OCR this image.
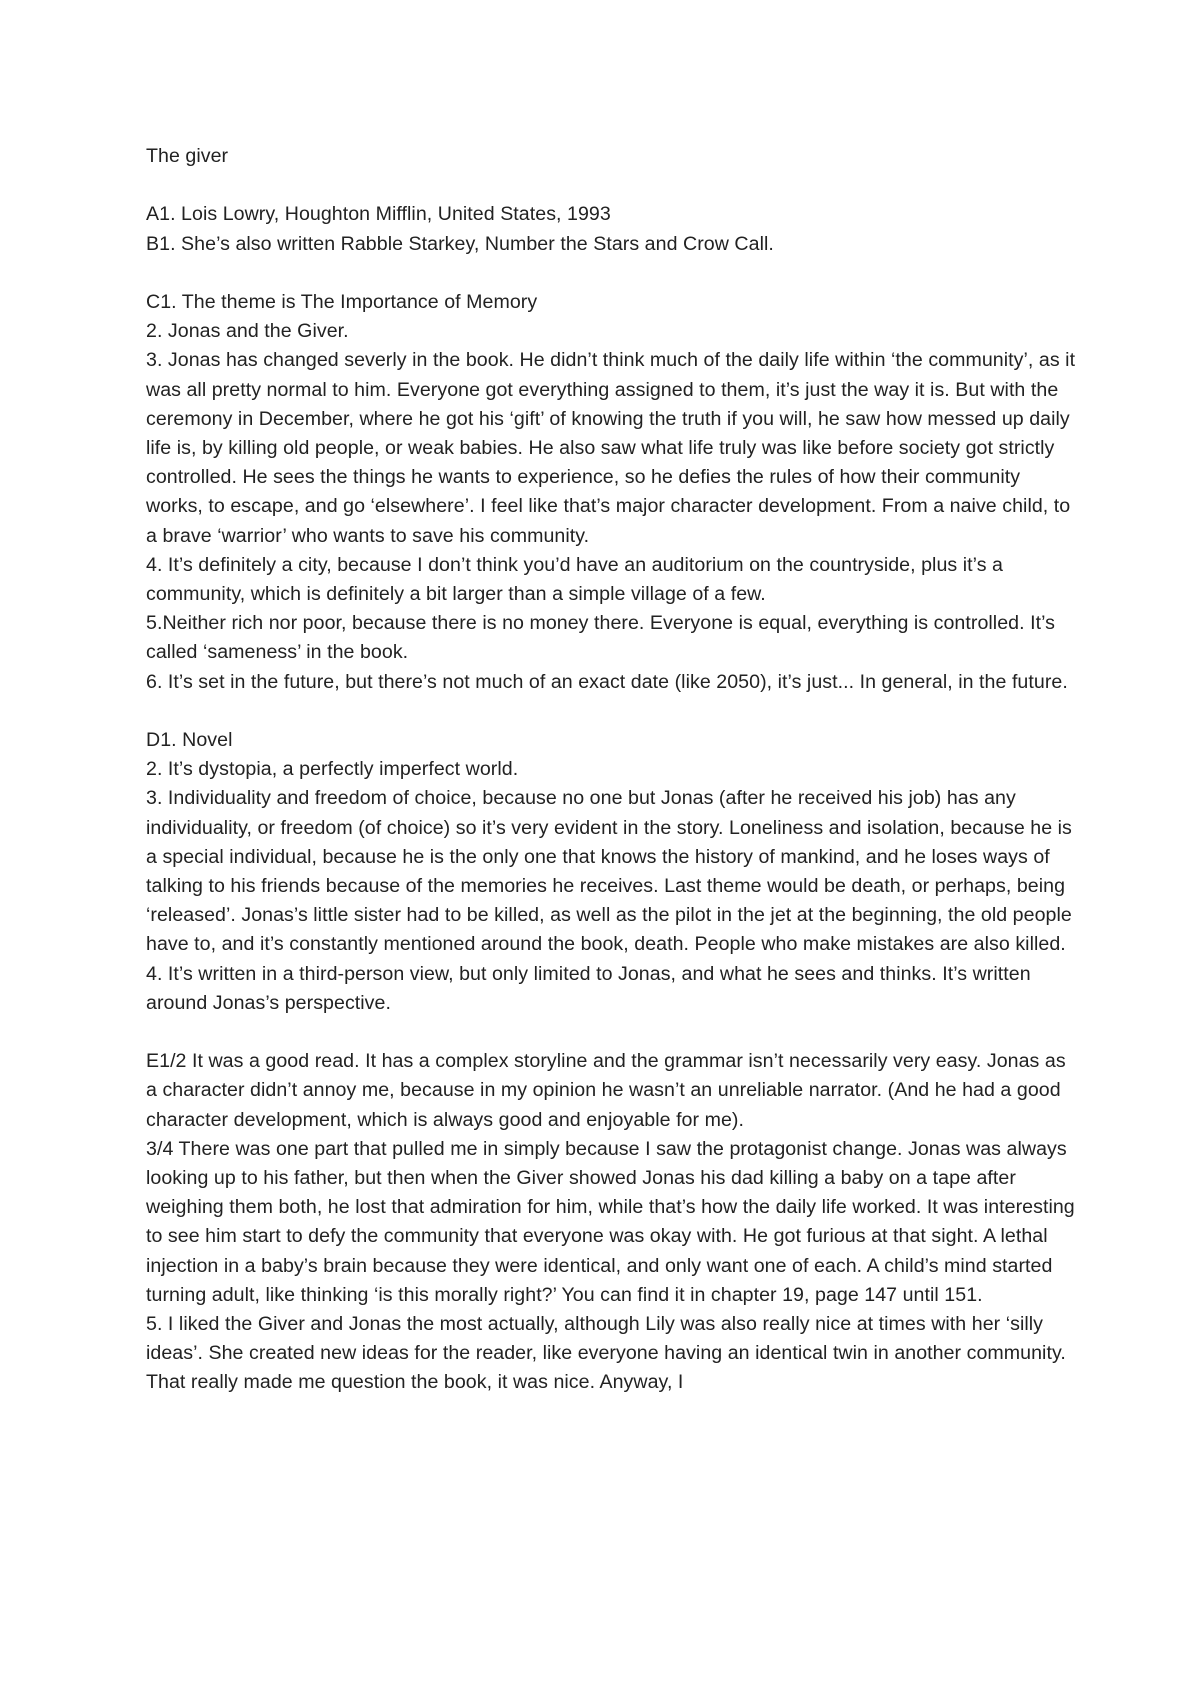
The giver

A1. Lois Lowry, Houghton Mifflin, United States, 1993

B1. She’s also written Rabble Starkey, Number the Stars and Crow Call.

C1. The theme is The Importance of Memory

2. Jonas and the Giver.

3. Jonas has changed severly in the book. He didn’t think much of the daily life within ‘the community’, as it was all pretty normal to him. Everyone got everything assigned to them, it’s just the way it is. But with the ceremony in December, where he got his ‘gift’ of knowing the truth if you will, he saw how messed up daily life is, by killing old people, or weak babies. He also saw what life truly was like before society got strictly controlled. He sees the things he wants to experience, so he defies the rules of how their community works, to escape, and go ‘elsewhere’. I feel like that’s major character development. From a naive child, to a brave ‘warrior’ who wants to save his community.

4. It’s definitely a city, because I don’t think you’d have an auditorium on the countryside, plus it’s a community, which is definitely a bit larger than a simple village of a few.

5.Neither rich nor poor, because there is no money there. Everyone is equal, everything is controlled. It’s called ‘sameness’ in the book.

6. It’s set in the future, but there’s not much of an exact date (like 2050), it’s just... In general, in the future.

D1. Novel

2. It’s dystopia, a perfectly imperfect world.

3. Individuality and freedom of choice, because no one but Jonas (after he received his job) has any individuality, or freedom (of choice) so it’s very evident in the story. Loneliness and isolation, because he is a special individual, because he is the only one that knows the history of mankind, and he loses ways of talking to his friends because of the memories he receives. Last theme would be death, or perhaps, being ‘released’. Jonas’s little sister had to be killed, as well as the pilot in the jet at the beginning, the old people have to, and it’s constantly mentioned around the book, death. People who make mistakes are also killed.

4. It’s written in a third-person view, but only limited to Jonas, and what he sees and thinks. It’s written around Jonas’s perspective.

E1/2 It was a good read. It has a complex storyline and the grammar isn’t necessarily very easy. Jonas as a character didn’t annoy me, because in my opinion he wasn’t an unreliable narrator. (And he had a good character development, which is always good and enjoyable for me).

3/4 There was one part that pulled me in simply because I saw the protagonist change. Jonas was always looking up to his father, but then when the Giver showed Jonas his dad killing a baby on a tape after weighing them both, he lost that admiration for him, while that’s how the daily life worked. It was interesting to see him start to defy the community that everyone was okay with. He got furious at that sight. A lethal injection in a baby’s brain because they were identical, and only want one of each. A child’s mind started turning adult, like thinking ‘is this morally right?’ You can find it in chapter 19, page 147 until 151.

5. I liked the Giver and Jonas the most actually, although Lily was also really nice at times with her ‘silly ideas’. She created new ideas for the reader, like everyone having an identical twin in another community. That really made me question the book, it was nice. Anyway, I
